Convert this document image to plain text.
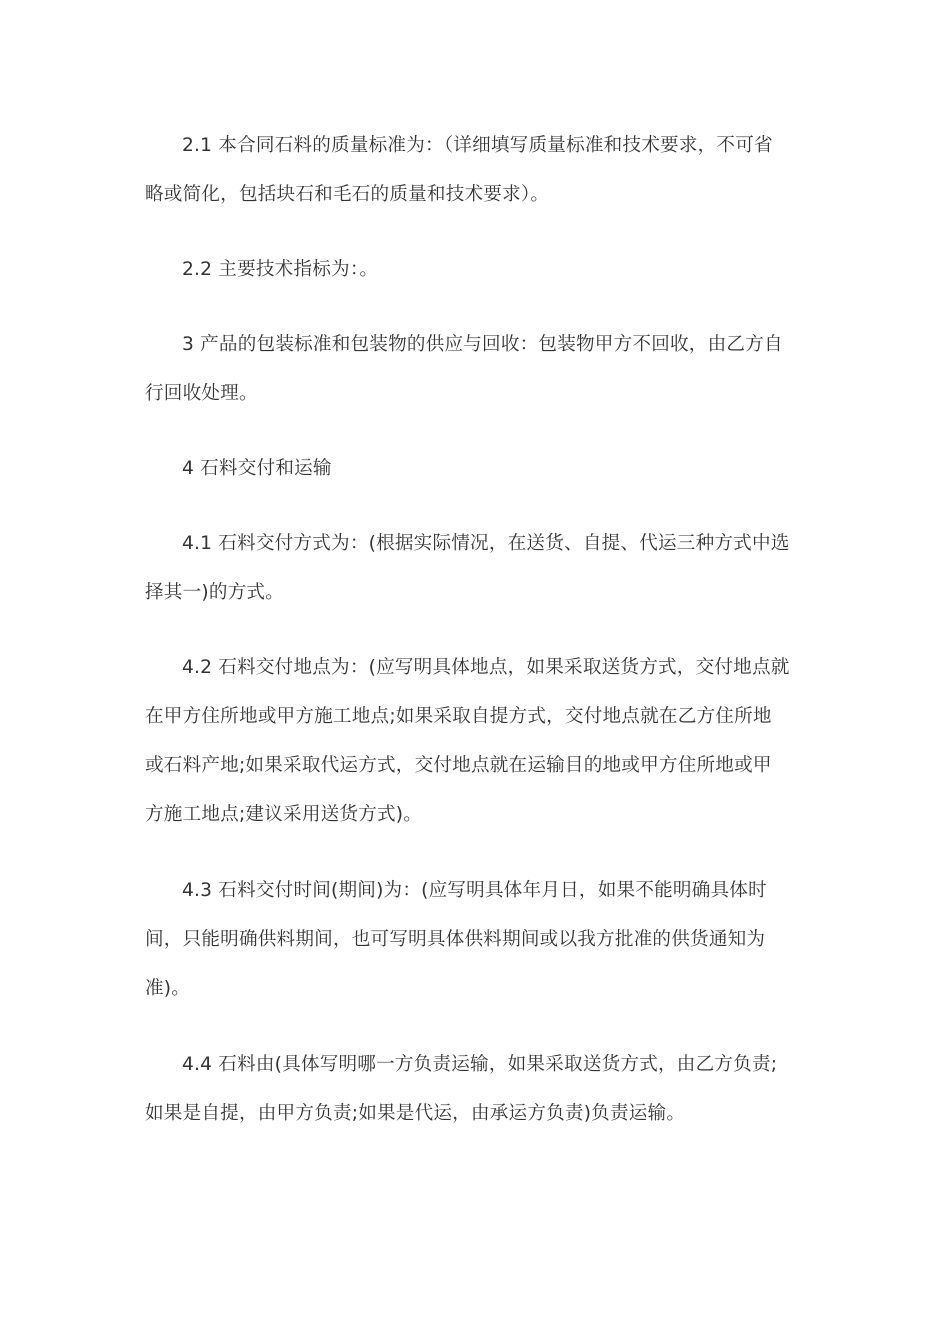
2.1 本合同石料的质量标准为：（详细填写质量标准和技术要求，不可省略或简化，包括块石和毛石的质量和技术要求）。

2.2 主要技术指标为：。

3 产品的包装标准和包装物的供应与回收：包装物甲方不回收，由乙方自行回收处理。

4 石料交付和运输

4.1 石料交付方式为：(根据实际情况，在送货、自提、代运三种方式中选择其一)的方式。

4.2 石料交付地点为：(应写明具体地点，如果采取送货方式，交付地点就在甲方住所地或甲方施工地点;如果采取自提方式，交付地点就在乙方住所地或石料产地;如果采取代运方式，交付地点就在运输目的地或甲方住所地或甲方施工地点;建议采用送货方式)。

4.3 石料交付时间(期间)为：(应写明具体年月日，如果不能明确具体时间，只能明确供料期间，也可写明具体供料期间或以我方批准的供货通知为准)。

4.4 石料由(具体写明哪一方负责运输，如果采取送货方式，由乙方负责;如果是自提，由甲方负责;如果是代运，由承运方负责)负责运输。
